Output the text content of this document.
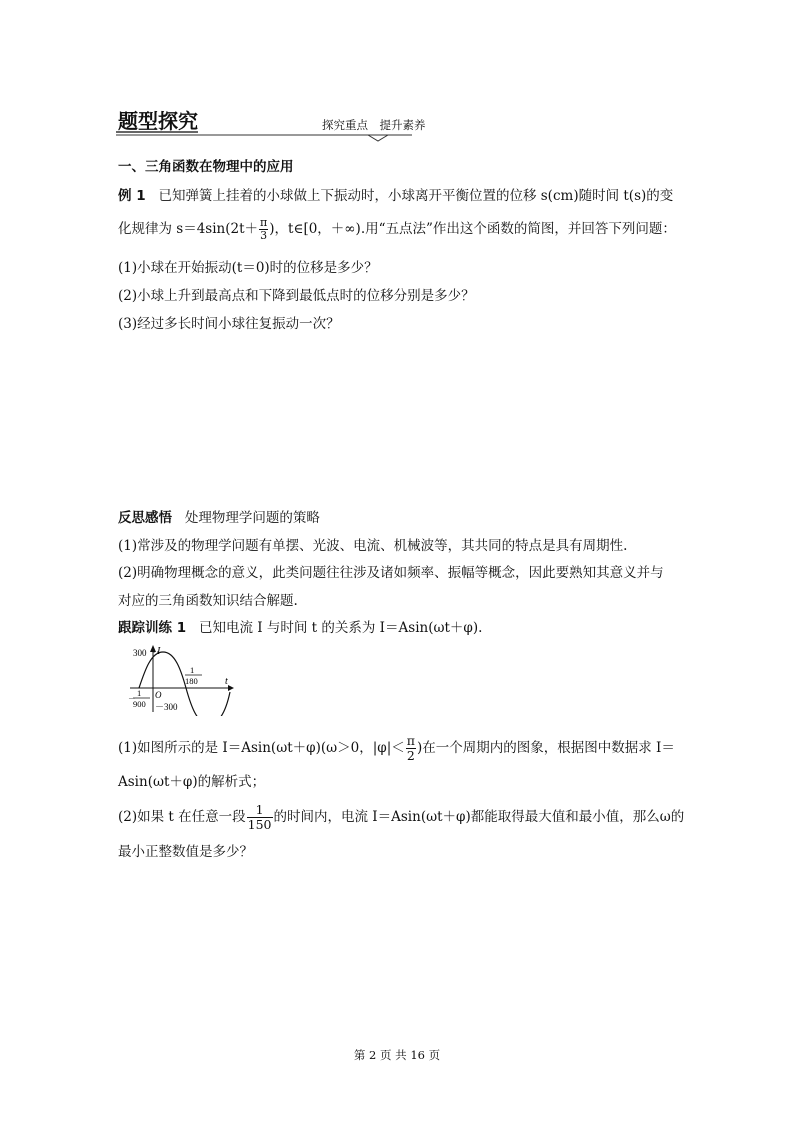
题型探究	探究重点　提升素养
一、三角函数在物理中的应用
例 1 已知弹簧上挂着的小球做上下振动时，小球离开平衡位置的位移 s(cm)随时间 t(s)的变
化规律为 $s=4\sin(2t+ \frac{\pi}{3}$ )，t∈[0，＋∞).用“五点法”作出这个函数的简图，并回答下列问题：
(1)小球在开始振动(t＝0)时的位移是多少？
(2)小球上升到最高点和下降到最低点时的位移分别是多少？
(3)经过多长时间小球往复振动一次？
反思感悟 处理物理学问题的策略
(1)常涉及的物理学问题有单摆、光波、电流、机械波等，其共同的特点是具有周期性.
(2)明确物理概念的意义，此类问题往往涉及诸如频率、振幅等概念，因此要熟知其意义并与
对应的三角函数知识结合解题.
跟踪训练 1 已知电流 I 与时间 t 的关系为 I＝Asin(ωt＋φ).
I
t
O
300
－300
1
180
－
1
900
(1)如图所示的是 I＝Asin(ωt＋φ)(ω＞0，$|\varphi|< \frac{\pi}{2}$ )在一个周期内的图象，根据图中数据求 I＝
Asin(ωt＋φ)的解析式；
(2)如果 t 在任意一段 $\frac{1}{150}$ 的时间内，电流 I＝Asin(ωt＋φ)都能取得最大值和最小值，那么ω的
最小正整数值是多少？
第 2 页 共 16 页
